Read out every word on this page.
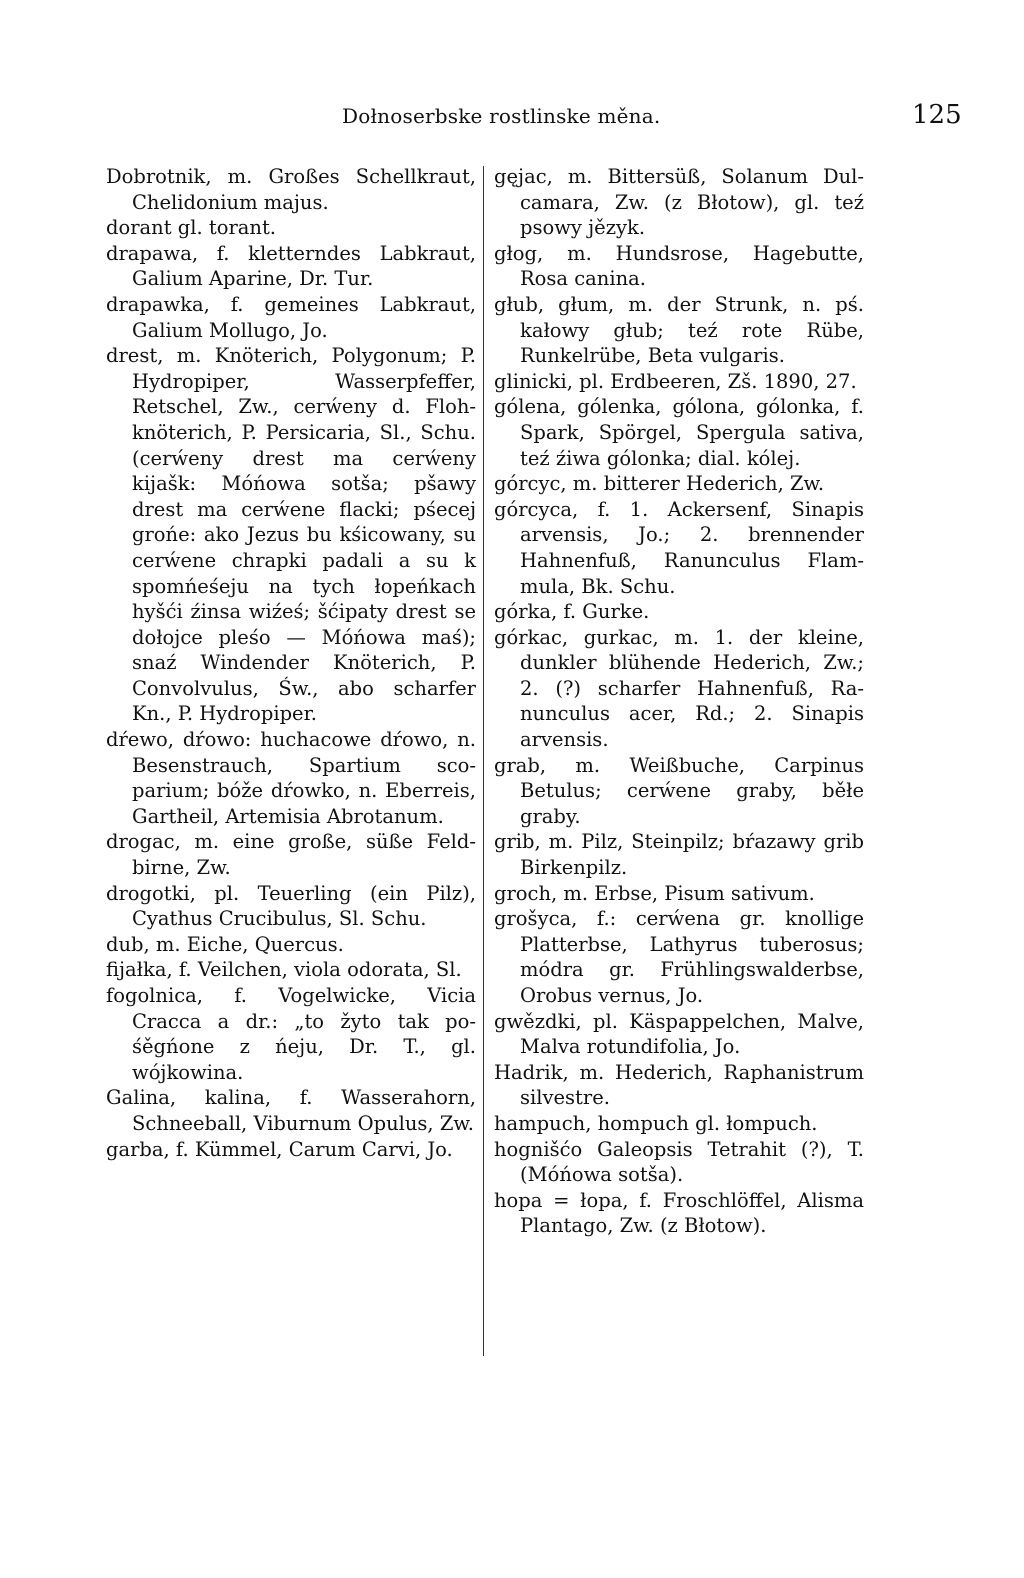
Dołnoserbske rostlinske měna.	125

Dobrotnik, m. Großes Schellkraut, Chelidonium majus.

dorant gl. torant.

drapawa, f. kletterndes Labkraut, Galium Aparine, Dr. Tur.

drapawka, f. gemeines Labkraut, Galium Mollugo, Jo.

drest, m. Knöterich, Polygonum; P. Hydropiper, Wasserpfeffer, Retschel, Zw., cerẃeny d. Flohknöterich, P. Persicaria, Sl., Schu. (cerẃeny drest ma cerẃeny kijašk: Móńowa sotša; pšawy drest ma cerẃene flacki; pśecej grońe: ako Jezus bu kśicowany, su cerẃene chrapki padali a su k spomńeśeju na tych łopeńkach hyšći źinsa wiźeś; šćipaty drest se dołojce pleśo — Móńowa maś); snaź Windender Knöterich, P. Convolvulus, Św., abo scharfer Kn., P. Hydropiper.

dŕewo, dŕowo: huchacowe dŕowo, n. Besenstrauch, Spartium scoparium; bóže dŕowko, n. Eberreis, Gartheil, Artemisia Abrotanum.

drogac, m. eine große, süße Feldbirne, Zw.

drogotki, pl. Teuerling (ein Pilz), Cyathus Crucibulus, Sl. Schu.

dub, m. Eiche, Quercus.

fijałka, f. Veilchen, viola odorata, Sl.

fogolnica, f. Vogelwicke, Vicia Cracca a dr.: „to žyto tak pośěgńone z ńeju, Dr. T., gl. wójkowina.

Galina, kalina, f. Wasserahorn, Schneeball, Viburnum Opulus, Zw.

garba, f. Kümmel, Carum Carvi, Jo.

gęjac, m. Bittersüß, Solanum Dulcamara, Zw. (z Błotow), gl. teź psowy jězyk.

głog, m. Hundsrose, Hagebutte, Rosa canina.

głub, głum, m. der Strunk, n. pś. kałowy głub; teź rote Rübe, Runkelrübe, Beta vulgaris.

glinicki, pl. Erdbeeren, Zš. 1890, 27.

gólena, gólenka, gólona, gólonka, f. Spark, Spörgel, Spergula sativa, teź źiwa gólonka; dial. kólej.

górcyc, m. bitterer Hederich, Zw.

górcyca, f. 1. Ackersenf, Sinapis arvensis, Jo.; 2. brennender Hahnenfuß, Ranunculus Flammula, Bk. Schu.

górka, f. Gurke.

górkac, gurkac, m. 1. der kleine, dunkler blühende Hederich, Zw.; 2. (?) scharfer Hahnenfuß, Ranunculus acer, Rd.; 2. Sinapis arvensis.

grab, m. Weißbuche, Carpinus Betulus; cerẃene graby, běłe graby.

grib, m. Pilz, Steinpilz; bŕazawy grib Birkenpilz.

groch, m. Erbse, Pisum sativum.

grošyca, f.: cerẃena gr. knollige Platterbse, Lathyrus tuberosus; módra gr. Frühlingswalderbse, Orobus vernus, Jo.

gwězdki, pl. Käspappelchen, Malve, Malva rotundifolia, Jo.

Hadrik, m. Hederich, Raphanistrum silvestre.

hampuch, hompuch gl. łompuch.

hognišćo Galeopsis Tetrahit (?), T. (Móńowa sotša).

hopa = łopa, f. Froschlöffel, Alisma Plantago, Zw. (z Błotow).
